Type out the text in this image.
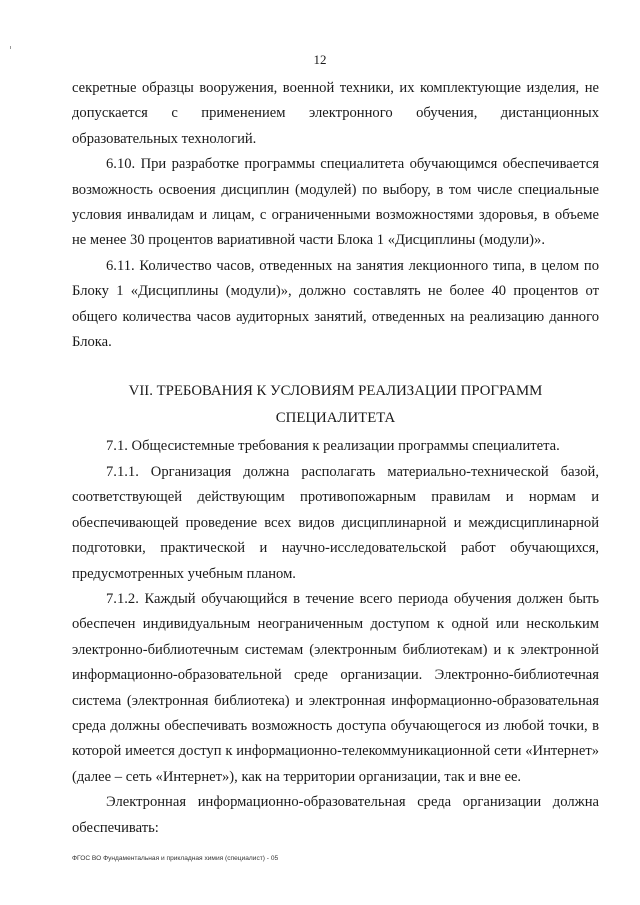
12

секретные образцы вооружения, военной техники, их комплектующие изделия, не допускается с применением электронного обучения, дистанционных образовательных технологий.

6.10. При разработке программы специалитета обучающимся обеспечивается возможность освоения дисциплин (модулей) по выбору, в том числе специальные условия инвалидам и лицам, с ограниченными возможностями здоровья, в объеме не менее 30 процентов вариативной части Блока 1 «Дисциплины (модули)».

6.11. Количество часов, отведенных на занятия лекционного типа, в целом по Блоку 1 «Дисциплины (модули)», должно составлять не более 40 процентов от общего количества часов аудиторных занятий, отведенных на реализацию данного Блока.

VII. ТРЕБОВАНИЯ К УСЛОВИЯМ РЕАЛИЗАЦИИ ПРОГРАММ
СПЕЦИАЛИТЕТА

7.1. Общесистемные требования к реализации программы специалитета.

7.1.1. Организация должна располагать материально-технической базой, соответствующей действующим противопожарным правилам и нормам и обеспечивающей проведение всех видов дисциплинарной и междисциплинарной подготовки, практической и научно-исследовательской работ обучающихся, предусмотренных учебным планом.

7.1.2. Каждый обучающийся в течение всего периода обучения должен быть обеспечен индивидуальным неограниченным доступом к одной или нескольким электронно-библиотечным системам (электронным библиотекам) и к электронной информационно-образовательной среде организации. Электронно-библиотечная система (электронная библиотека) и электронная информационно-образовательная среда должны обеспечивать возможность доступа обучающегося из любой точки, в которой имеется доступ к информационно-телекоммуникационной сети «Интернет» (далее – сеть «Интернет»), как на территории организации, так и вне ее.

Электронная информационно-образовательная среда организации должна обеспечивать:

ФГОС ВО Фундаментальная и прикладная химия (специалист) - 05
